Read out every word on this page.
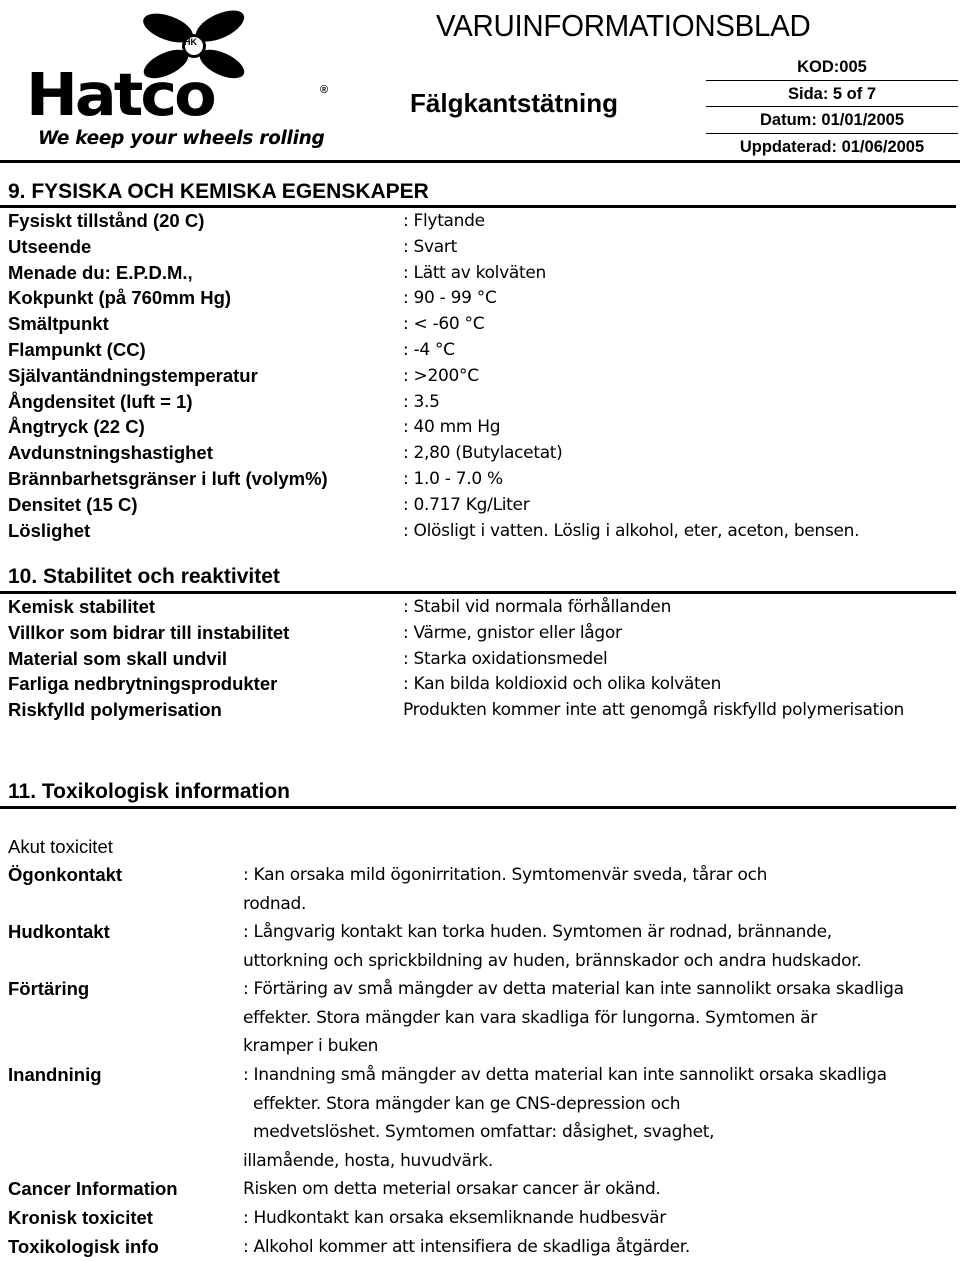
HK
Hatco	®
We keep your wheels rolling
VARUINFORMATIONSBLAD
Fälgkantstätning
KOD:005
Sida: 5 of 7
Datum: 01/01/2005
Uppdaterad: 01/06/2005
9. FYSISKA OCH KEMISKA EGENSKAPER
Fysiskt tillstånd (20 C)	: Flytande
Utseende	: Svart
Menade du: E.P.D.M.,	: Lätt av kolväten
Kokpunkt (på 760mm Hg)	: 90 - 99 °C
Smältpunkt	: < -60 °C
Flampunkt (CC)	: -4 °C
Självantändningstemperatur	: >200°C
Ångdensitet (luft = 1)	: 3.5
Ångtryck (22 C)	: 40 mm Hg
Avdunstningshastighet	: 2,80 (Butylacetat)
Brännbarhetsgränser i luft (volym%)	: 1.0 - 7.0 %
Densitet (15 C)	: 0.717 Kg/Liter
Löslighet	: Olösligt i vatten. Löslig i alkohol, eter, aceton, bensen.
10. Stabilitet och reaktivitet
Kemisk stabilitet	: Stabil vid normala förhållanden
Villkor som bidrar till instabilitet	: Värme, gnistor eller lågor
Material som skall undvil	: Starka oxidationsmedel
Farliga nedbrytningsprodukter	: Kan bilda koldioxid och olika kolväten
Riskfylld polymerisation	Produkten kommer inte att genomgå riskfylld polymerisation
11. Toxikologisk information
Akut toxicitet
Ögonkontakt	: Kan orsaka mild ögonirritation. Symtomenvär sveda, tårar och
rodnad.
Hudkontakt	: Långvarig kontakt kan torka huden. Symtomen är rodnad, brännande,
uttorkning och sprickbildning av huden, brännskador och andra hudskador.
Förtäring	: Förtäring av små mängder av detta material kan inte sannolikt orsaka skadliga
effekter. Stora mängder kan vara skadliga för lungorna. Symtomen är
kramper i buken
Inandninig	: Inandning små mängder av detta material kan inte sannolikt orsaka skadliga
effekter. Stora mängder kan ge CNS-depression och
medvetslöshet. Symtomen omfattar: dåsighet, svaghet,
illamående, hosta, huvudvärk.
Cancer Information	Risken om detta meterial orsakar cancer är okänd.
Kronisk toxicitet	: Hudkontakt kan orsaka eksemliknande hudbesvär
Toxikologisk info	: Alkohol kommer att intensifiera de skadliga åtgärder.
